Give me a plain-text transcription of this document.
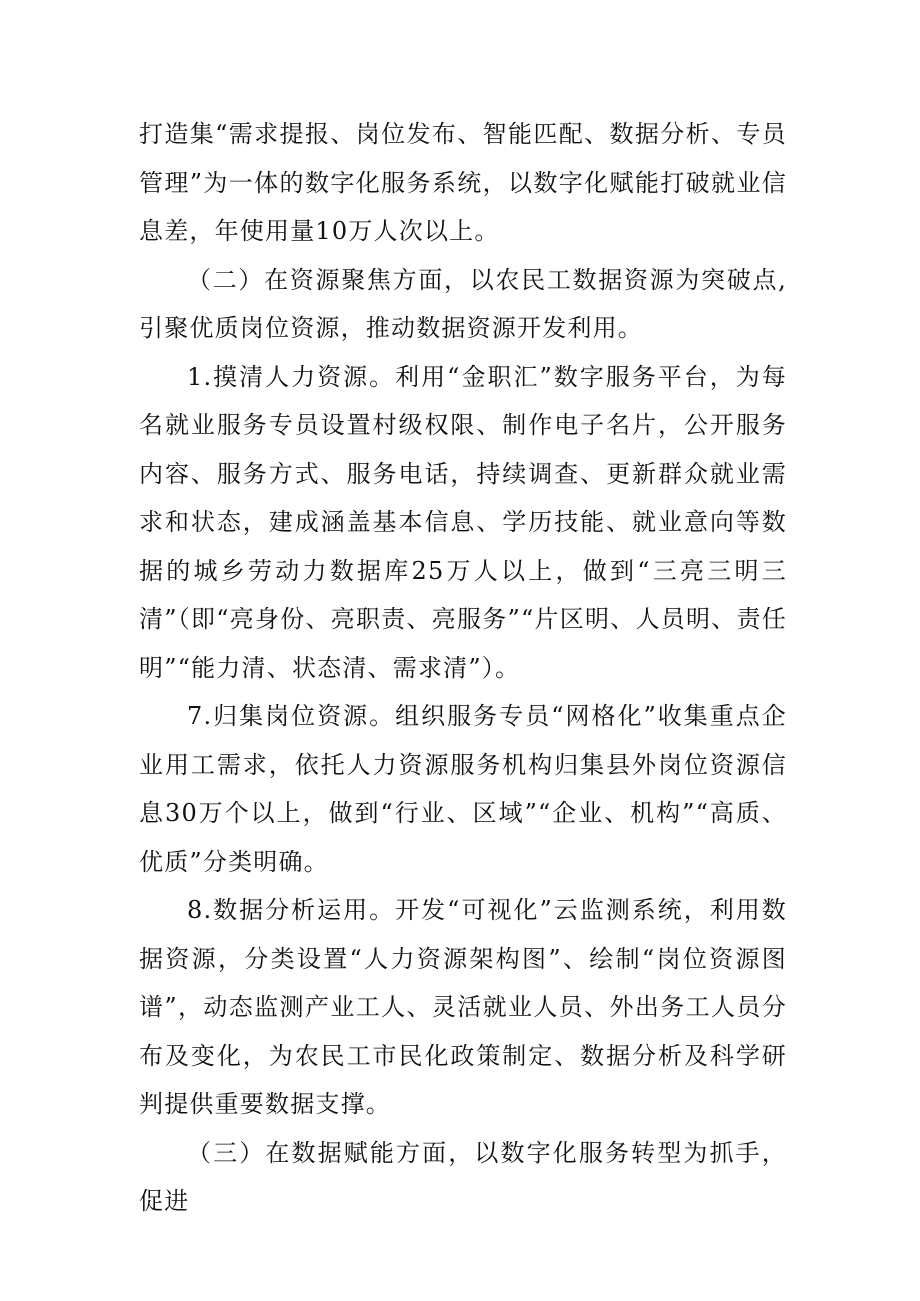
打造集“需求提报、岗位发布、智能匹配、数据分析、专员管理”为一体的数字化服务系统，以数字化赋能打破就业信息差，年使用量10万人次以上。

（二）在资源聚焦方面，以农民工数据资源为突破点,引聚优质岗位资源，推动数据资源开发利用。

1.摸清人力资源。利用“金职汇”数字服务平台，为每名就业服务专员设置村级权限、制作电子名片，公开服务内容、服务方式、服务电话，持续调查、更新群众就业需求和状态，建成涵盖基本信息、学历技能、就业意向等数据的城乡劳动力数据库25万人以上，做到“三亮三明三清”（即“亮身份、亮职责、亮服务”“片区明、人员明、责任明”“能力清、状态清、需求清”）。

7.归集岗位资源。组织服务专员“网格化”收集重点企业用工需求，依托人力资源服务机构归集县外岗位资源信息30万个以上，做到“行业、区域”“企业、机构”“高质、优质”分类明确。

8.数据分析运用。开发“可视化”云监测系统，利用数据资源，分类设置“人力资源架构图”、绘制“岗位资源图谱”，动态监测产业工人、灵活就业人员、外出务工人员分布及变化，为农民工市民化政策制定、数据分析及科学研判提供重要数据支撑。

（三）在数据赋能方面，以数字化服务转型为抓手，促进
